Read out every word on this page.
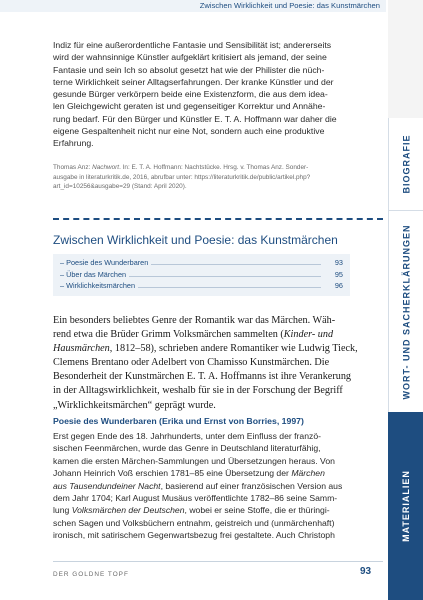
Zwischen Wirklichkeit und Poesie: das Kunstmärchen
BIOGRAFIE
WORT- UND SACHERKLÄRUNGEN
MATERIALIEN
Indiz für eine außerordentliche Fantasie und Sensibilität ist; andererseits
wird der wahnsinnige Künstler aufgeklärt kritisiert als jemand, der seine
Fantasie und sein Ich so absolut gesetzt hat wie der Philister die nüch-
terne Wirklichkeit seiner Alltagserfahrungen. Der kranke Künstler und der
gesunde Bürger verkörpern beide eine Existenzform, die aus dem idea-
len Gleichgewicht geraten ist und gegenseitiger Korrektur und Annähe-
rung bedarf. Für den Bürger und Künstler E. T. A. Hoffmann war daher die
eigene Gespaltenheit nicht nur eine Not, sondern auch eine produktive
Erfahrung.
Thomas Anz: Nachwort. In: E. T. A. Hoffmann: Nachtstücke. Hrsg. v. Thomas Anz. Sonder-
ausgabe in literaturkritik.de, 2016, abrufbar unter: https://literaturkritik.de/public/artikel.php?
art_id=10256&ausgabe=29 (Stand: April 2020).
Zwischen Wirklichkeit und Poesie: das Kunstmärchen
– Poesie des Wunderbaren	93
– Über das Märchen	95
– Wirklichkeitsmärchen	96
Ein besonders beliebtes Genre der Romantik war das Märchen. Wäh-
rend etwa die Brüder Grimm Volksmärchen sammelten (Kinder- und
Hausmärchen, 1812–58), schrieben andere Romantiker wie Ludwig Tieck,
Clemens Brentano oder Adelbert von Chamisso Kunstmärchen. Die
Besonderheit der Kunstmärchen E. T. A. Hoffmanns ist ihre Verankerung
in der Alltagswirklichkeit, weshalb für sie in der Forschung der Begriff
„Wirklichkeitsmärchen“ geprägt wurde.
Poesie des Wunderbaren (Erika und Ernst von Borries, 1997)
Erst gegen Ende des 18. Jahrhunderts, unter dem Einfluss der franzö-
sischen Feenmärchen, wurde das Genre in Deutschland literaturfähig,
kamen die ersten Märchen-Sammlungen und Übersetzungen heraus. Von
Johann Heinrich Voß erschien 1781–85 eine Übersetzung der Märchen
aus Tausendundeiner Nacht, basierend auf einer französischen Version aus
dem Jahr 1704; Karl August Musäus veröffentlichte 1782–86 seine Samm-
lung Volksmärchen der Deutschen, wobei er seine Stoffe, die er thüringi-
schen Sagen und Volksbüchern entnahm, geistreich und (unmärchenhaft)
ironisch, mit satirischem Gegenwartsbezug frei gestaltete. Auch Christoph
DER GOLDNE TOPF	93
